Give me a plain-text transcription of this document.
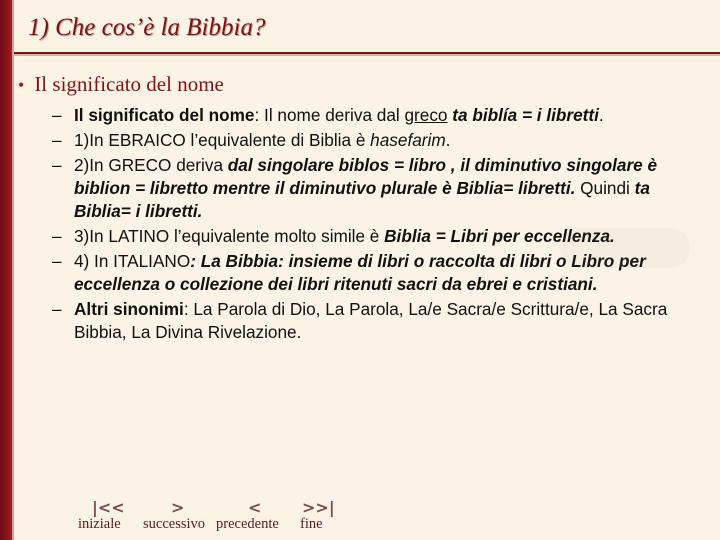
1) Che cos’è la Bibbia?
• Il significato del nome
– Il significato del nome: Il nome deriva dal greco ta biblía = i libretti.
– 1)In EBRAICO l’equivalente di Biblia è hasefarim.
– 2)In GRECO deriva dal singolare biblos = libro , il diminutivo singolare è biblion = libretto mentre il diminutivo plurale è Biblia= libretti. Quindi ta Biblia= i libretti.
– 3)In LATINO l’equivalente molto simile è Biblia = Libri per eccellenza.
– 4) In ITALIANO: La Bibbia: insieme di libri o raccolta di libri o Libro per eccellenza o collezione dei libri ritenuti sacri da ebrei e cristiani.
– Altri sinonimi: La Parola di Dio, La Parola, La/e Sacra/e Scrittura/e, La Sacra Bibbia, La Divina Rivelazione.
|<<
iniziale
>
successivo
<
precedente
>>|
fine
